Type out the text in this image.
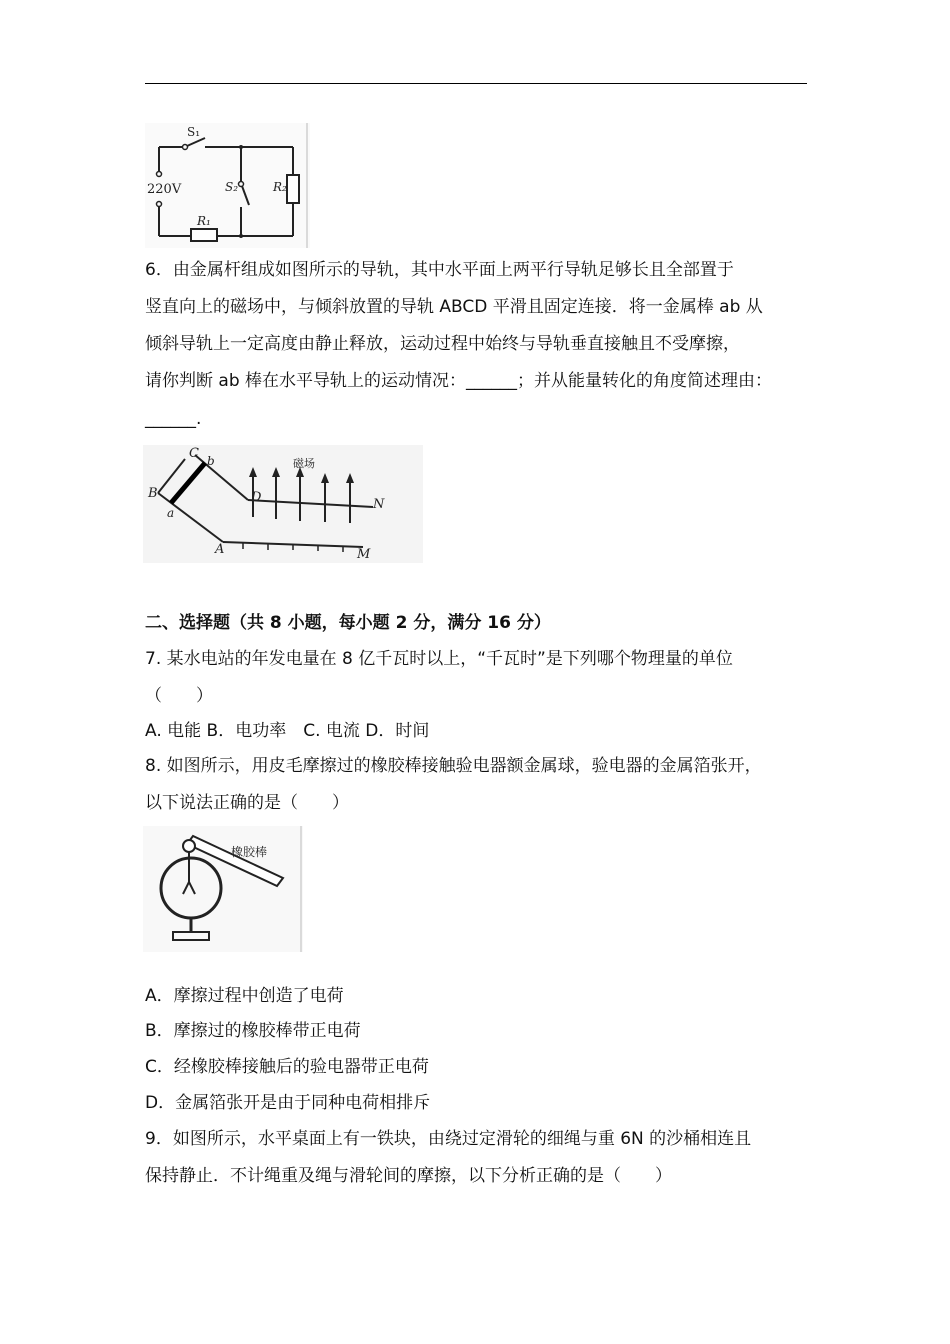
S₁
220V	S₂	R₂
R₁
6．由金属杆组成如图所示的导轨，其中水平面上两平行导轨足够长且全部置于
竖直向上的磁场中，与倾斜放置的导轨 ABCD 平滑且固定连接．将一金属棒 ab 从
倾斜导轨上一定高度由静止释放，运动过程中始终与导轨垂直接触且不受摩擦，
请你判断 ab 棒在水平导轨上的运动情况：______；并从能量转化的角度简述理由：
______.
C b
B
a
D
磁场
N
A	M
二、选择题（共 8 小题，每小题 2 分，满分 16 分）
7. 某水电站的年发电量在 8 亿千瓦时以上，“千瓦时”是下列哪个物理量的单位
（　　）
A. 电能 B．电功率　C. 电流 D．时间
8. 如图所示，用皮毛摩擦过的橡胶棒接触验电器额金属球，验电器的金属箔张开，
以下说法正确的是（　　）
橡胶棒
A．摩擦过程中创造了电荷
B．摩擦过的橡胶棒带正电荷
C．经橡胶棒接触后的验电器带正电荷
D．金属箔张开是由于同种电荷相排斥
9．如图所示，水平桌面上有一铁块，由绕过定滑轮的细绳与重 6N 的沙桶相连且
保持静止．不计绳重及绳与滑轮间的摩擦，以下分析正确的是（　　）
